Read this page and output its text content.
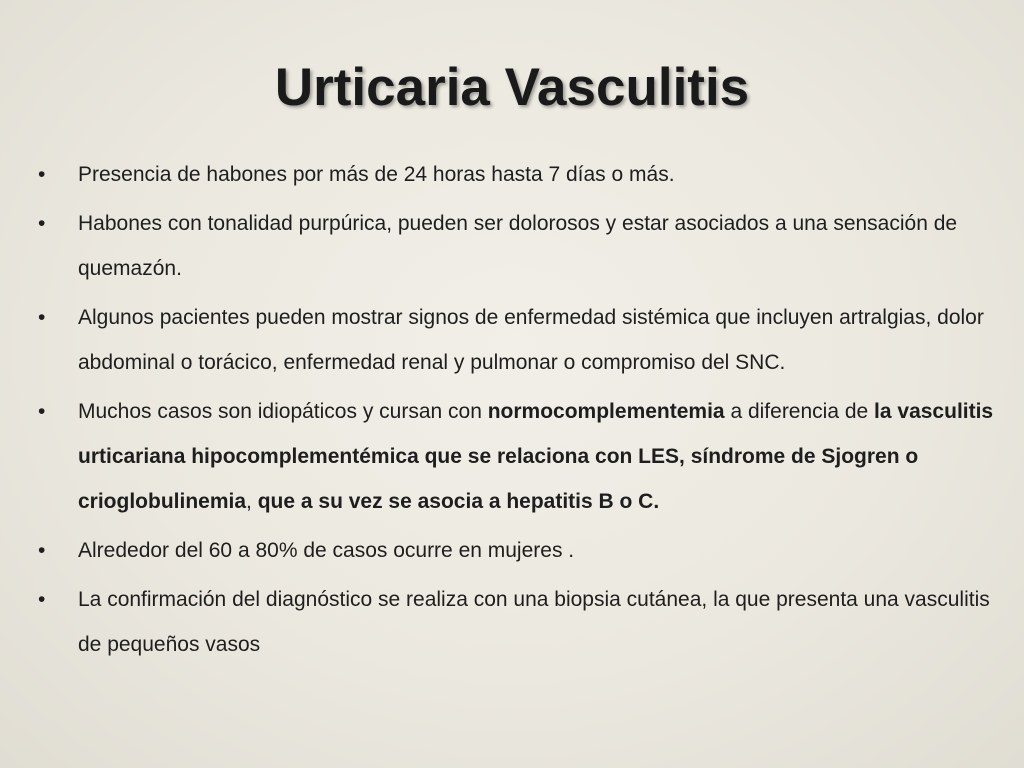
Urticaria Vasculitis
•	Presencia de habones por más de 24 horas hasta 7 días o más.
•	Habones con tonalidad purpúrica, pueden ser dolorosos y estar asociados a una sensación de quemazón.
•	Algunos pacientes pueden mostrar signos de enfermedad sistémica que incluyen artralgias, dolor abdominal o torácico, enfermedad renal y pulmonar o compromiso del SNC.
•	Muchos casos son idiopáticos y cursan con normocomplementemia a diferencia de la vasculitis urticariana hipocomplementémica que se relaciona con LES, síndrome de Sjogren o crioglobulinemia, que a su vez se asocia a hepatitis B o C.
•	Alrededor del 60 a 80% de casos ocurre en mujeres .
•	La confirmación del diagnóstico se realiza con una biopsia cutánea, la que presenta una vasculitis de pequeños vasos
